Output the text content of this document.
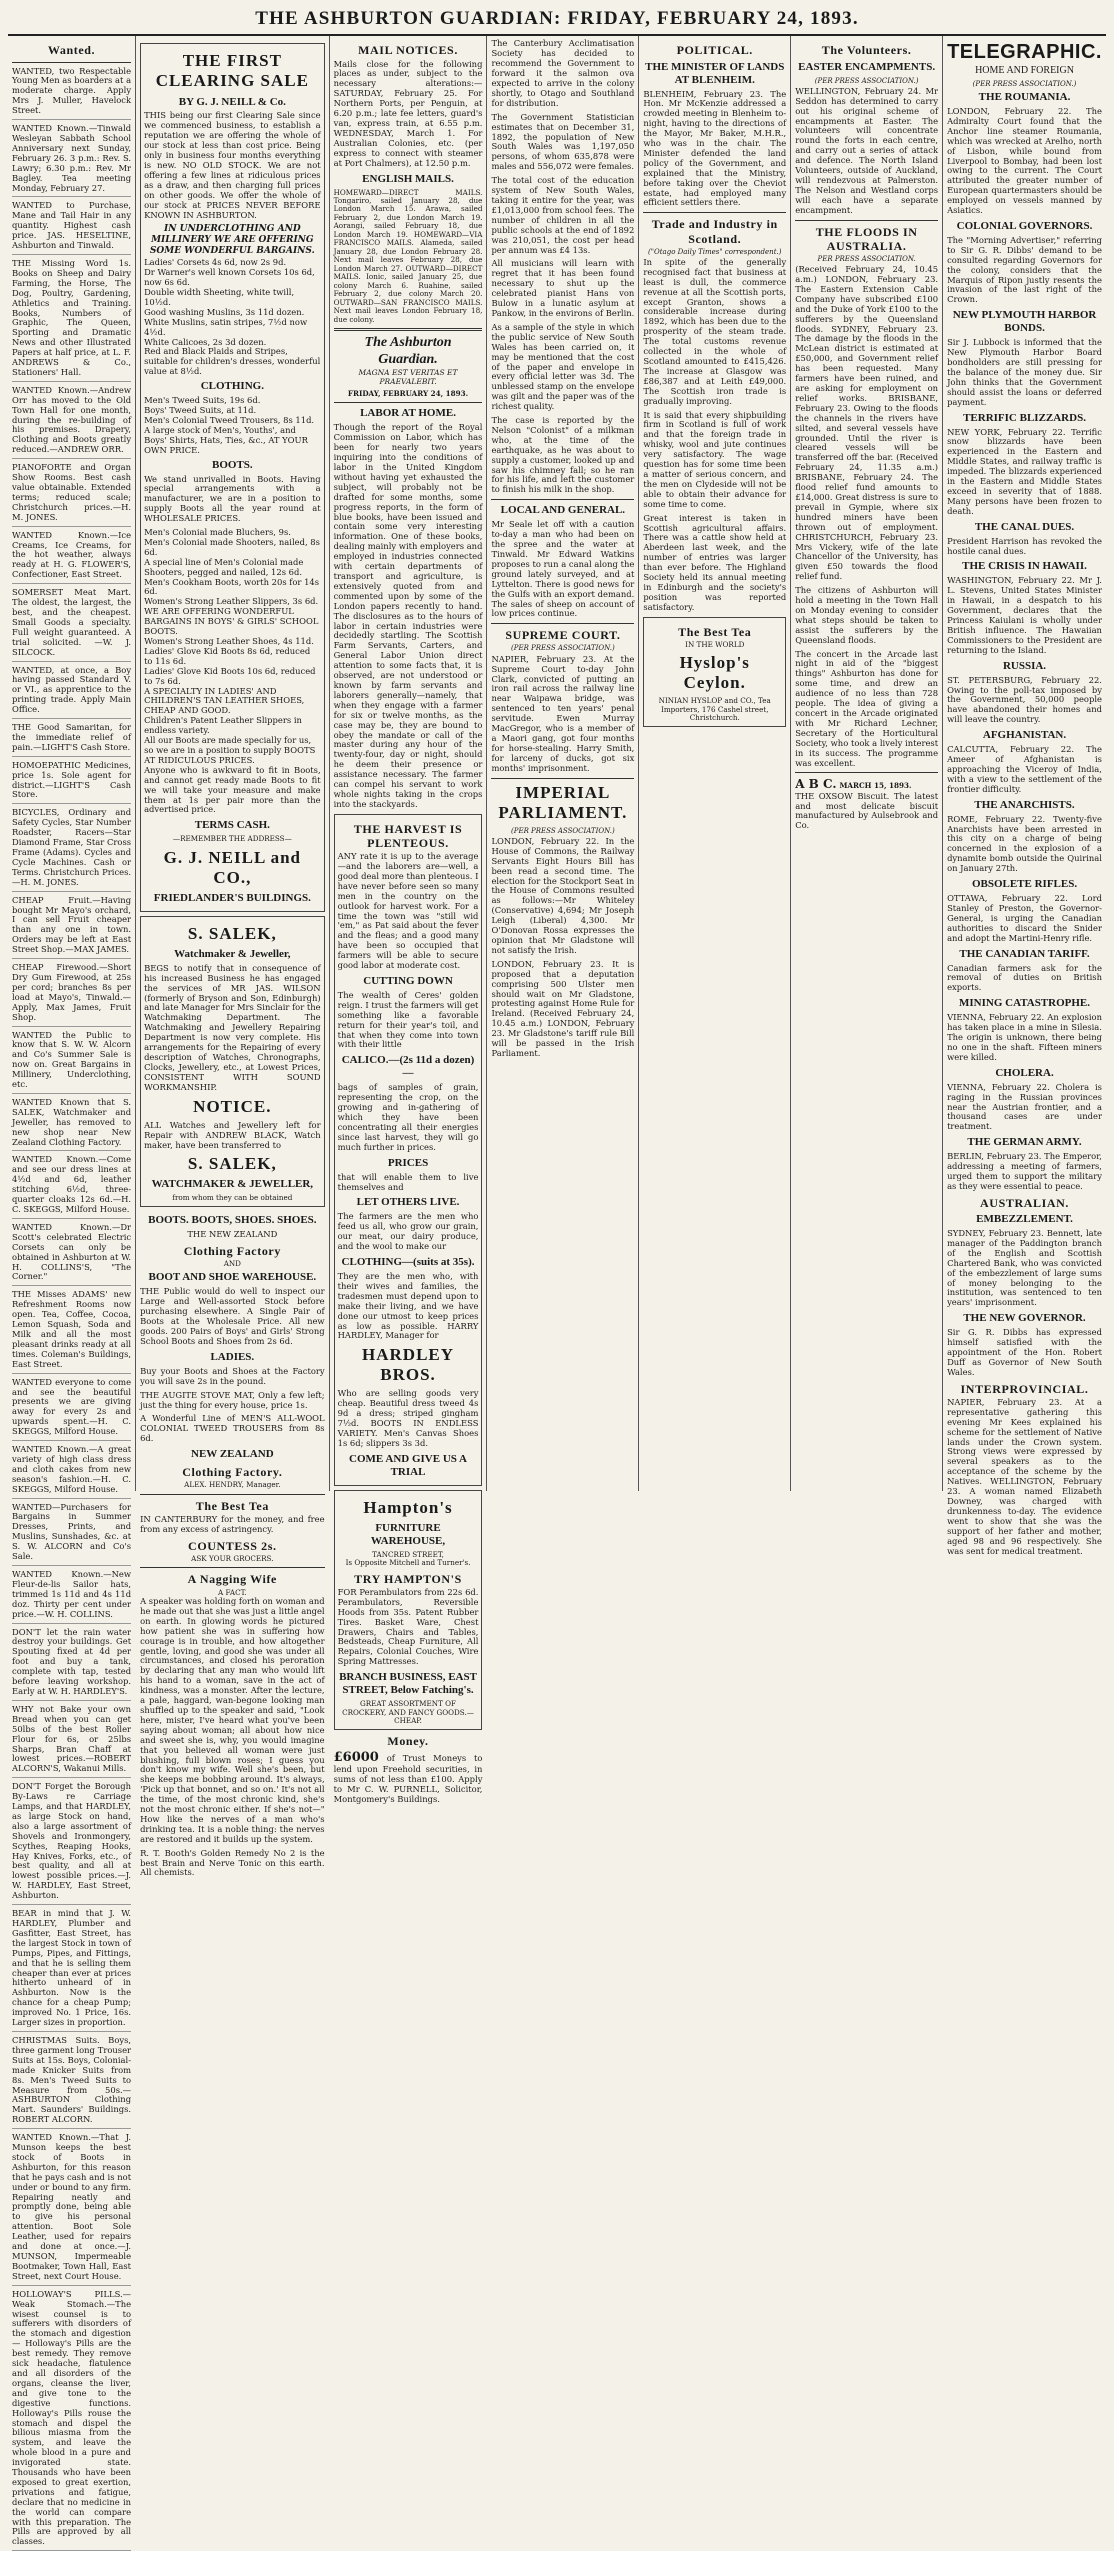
THE ASHBURTON GUARDIAN: FRIDAY, FEBRUARY 24, 1893.
Wanted.

WANTED, two Respectable Young Men as boarders at a moderate charge. Apply Mrs J. Muller, Havelock Street.

WANTED Known.—Tinwald Wesleyan Sabbath School Anniversary next Sunday, February 26. 3 p.m.: Rev. S. Lawry; 6.30 p.m.: Rev. Mr Bagley. Tea meeting Monday, February 27.

WANTED to Purchase, Mane and Tail Hair in any quantity. Highest cash price. JAS. HESELTINE, Ashburton and Tinwald.

THE Missing Word 1s. Books on Sheep and Dairy Farming, the Horse, The Dog, Poultry, Gardening, Athletics and Training. Books, Numbers of Graphic, The Queen, Sporting and Dramatic News and other Illustrated Papers at half price, at L. F. ANDREWS & Co., Stationers' Hall.

WANTED Known.—Andrew Orr has moved to the Old Town Hall for one month, during the re-building of his premises. Drapery, Clothing and Boots greatly reduced.—ANDREW ORR.

PIANOFORTE and Organ Show Rooms. Best cash value obtainable. Extended terms; reduced scale; Christchurch prices.—H. M. JONES.

WANTED Known.—Ice Creams, Ice Creams, for the hot weather, always ready at H. G. FLOWER'S, Confectioner, East Street.

SOMERSET Meat Mart. The oldest, the largest, the best, and the cheapest. Small Goods a specialty. Full weight guaranteed. A trial solicited. —W. J. SILCOCK.

WANTED, at once, a Boy having passed Standard V. or VI., as apprentice to the printing trade. Apply Main Office.

THE Good Samaritan, for the immediate relief of pain.—LIGHT'S Cash Store.

HOMOEPATHIC Medicines, price 1s. Sole agent for district.—LIGHT'S Cash Store.

BICYCLES, Ordinary and Safety Cycles, Star Number Roadster, Racers—Star Diamond Frame, Star Cross Frame (Adams). Cycles and Cycle Machines. Cash or Terms. Christchurch Prices.—H. M. JONES.

CHEAP Fruit.—Having bought Mr Mayo's orchard, I can sell Fruit cheaper than any one in town. Orders may be left at East Street Shop.—MAX JAMES.

CHEAP Firewood.—Short Dry Gum Firewood, at 25s per cord; branches 8s per load at Mayo's, Tinwald.—Apply, Max James, Fruit Shop.

WANTED the Public to know that S. W. W. Alcorn and Co's Summer Sale is now on. Great Bargains in Millinery, Underclothing, etc.

WANTED Known that S. SALEK, Watchmaker and Jeweller, has removed to new shop near New Zealand Clothing Factory.

WANTED Known.—Come and see our dress lines at 4½d and 6d, leather stitching 6½d, three-quarter cloaks 12s 6d.—H. C. SKEGGS, Milford House.

WANTED Known.—Dr Scott's celebrated Electric Corsets can only be obtained in Ashburton at W. H. COLLINS'S, "The Corner."

THE Misses ADAMS' new Refreshment Rooms now open. Tea, Coffee, Cocoa, Lemon Squash, Soda and Milk and all the most pleasant drinks ready at all times. Coleman's Buildings, East Street.

WANTED everyone to come and see the beautiful presents we are giving away for every 2s and upwards spent.—H. C. SKEGGS, Milford House.

WANTED Known.—A great variety of high class dress and cloth cakes from new season's fashion.—H. C. SKEGGS, Milford House.

WANTED—Purchasers for Bargains in Summer Dresses, Prints, and Muslins, Sunshades, &c. at S. W. ALCORN and Co's Sale.

WANTED Known.—New Fleur-de-lis Sailor hats, trimmed 1s 11d and 4s 11d doz. Thirty per cent under price.—W. H. COLLINS.

DON'T let the rain water destroy your buildings. Get Spouting fixed at 4d per foot and buy a tank, complete with tap, tested before leaving workshop. Early at W. H. HARDLEY'S.

WHY not Bake your own Bread when you can get 50lbs of the best Roller Flour for 6s, or 25lbs Sharps, Bran Chaff at lowest prices.—ROBERT ALCORN'S, Wakanui Mills.

DON'T Forget the Borough By-Laws re Carriage Lamps, and that HARDLEY, as large Stock on hand, also a large assortment of Shovels and Ironmongery, Scythes, Reaping Hooks, Hay Knives, Forks, etc., of best quality, and all at lowest possible prices.—J. W. HARDLEY, East Street, Ashburton.

BEAR in mind that J. W. HARDLEY, Plumber and Gasfitter, East Street, has the largest Stock in town of Pumps, Pipes, and Fittings, and that he is selling them cheaper than ever at prices hitherto unheard of in Ashburton. Now is the chance for a cheap Pump; improved No. 1 Price, 16s. Larger sizes in proportion.

CHRISTMAS Suits. Boys, three garment long Trouser Suits at 15s. Boys, Colonial-made Knicker Suits from 8s. Men's Tweed Suits to Measure from 50s.—ASHBURTON Clothing Mart. Saunders' Buildings. ROBERT ALCORN.

WANTED Known.—That J. Munson keeps the best stock of Boots in Ashburton, for this reason that he pays cash and is not under or bound to any firm. Repairing neatly and promptly done, being able to give his personal attention. Boot Sole Leather, used for repairs and done at once.—J. MUNSON, Impermeable Bootmaker, Town Hall, East Street, next Court House.

HOLLOWAY'S PILLS.—Weak Stomach.—The wisest counsel is to sufferers with disorders of the stomach and digestion — Holloway's Pills are the best remedy. They remove sick headache, flatulence and all disorders of the organs, cleanse the liver, and give tone to the digestive functions. Holloway's Pills rouse the stomach and dispel the bilious miasma from the system, and leave the whole blood in a pure and invigorated state. Thousands who have been exposed to great exertion, privations and fatigue, declare that no medicine in the world can compare with this preparation. The Pills are approved by all classes.

THE FIRST CLEARING SALE
BY G. J. NEILL & Co.

THIS being our first Clearing Sale since we commenced business, to establish a reputation we are offering the whole of our stock at less than cost price. Being only in business four months everything is new. NO OLD STOCK. We are not offering a few lines at ridiculous prices as a draw, and then charging full prices on other goods. We offer the whole of our stock at PRICES NEVER BEFORE KNOWN IN ASHBURTON.

IN UNDERCLOTHING AND MILLINERY WE ARE OFFERING SOME WONDERFUL BARGAINS.
Ladies' Corsets 4s 6d, now 2s 9d.
Dr Warner's well known Corsets 10s 6d, now 6s 6d.
Double width Sheeting, white twill, 10½d.
Good washing Muslins, 3s 11d dozen.
White Muslins, satin stripes, 7½d now 4½d.
White Calicoes, 2s 3d dozen.
Red and Black Plaids and Stripes, suitable for children's dresses, wonderful value at 8½d.
CLOTHING.
Men's Tweed Suits, 19s 6d.
Boys' Tweed Suits, at 11d.
Men's Colonial Tweed Trousers, 8s 11d.
A large stock of Men's, Youths', and Boys' Shirts, Hats, Ties, &c., AT YOUR OWN PRICE.
BOOTS.

We stand unrivalled in Boots. Having special arrangements with a manufacturer, we are in a position to supply Boots all the year round at WHOLESALE PRICES.

Men's Colonial made Bluchers, 9s.
Men's Colonial made Shooters, nailed, 8s 6d.
A special line of Men's Colonial made Shooters, pegged and nailed, 12s 6d.
Men's Cookham Boots, worth 20s for 14s 6d.
Women's Strong Leather Slippers, 3s 6d.
WE ARE OFFERING WONDERFUL BARGAINS IN BOYS' & GIRLS' SCHOOL BOOTS.
Women's Strong Leather Shoes, 4s 11d.
Ladies' Glove Kid Boots 8s 6d, reduced to 11s 6d.
Ladies' Glove Kid Boots 10s 6d, reduced to 7s 6d.
A SPECIALTY IN LADIES' AND CHILDREN'S TAN LEATHER SHOES, CHEAP AND GOOD.
Children's Patent Leather Slippers in endless variety.
All our Boots are made specially for us, so we are in a position to supply BOOTS AT RIDICULOUS PRICES.

Anyone who is awkward to fit in Boots, and cannot get ready made Boots to fit we will take your measure and make them at 1s per pair more than the advertised price.

TERMS CASH.
—REMEMBER THE ADDRESS—
G. J. NEILL and CO.,
FRIEDLANDER'S BUILDINGS.
S. SALEK,
Watchmaker & Jeweller,

BEGS to notify that in consequence of his increased Business he has engaged the services of MR JAS. WILSON (formerly of Bryson and Son, Edinburgh) and late Manager for Mrs Sinclair for the Watchmaking Department. The Watchmaking and Jewellery Repairing Department is now very complete. His arrangements for the Repairing of every description of Watches, Chronographs, Clocks, Jewellery, etc., at Lowest Prices, CONSISTENT WITH SOUND WORKMANSHIP.

NOTICE.

ALL Watches and Jewellery left for Repair with ANDREW BLACK, Watch maker, have been transferred to

S. SALEK,
WATCHMAKER & JEWELLER,
from whom they can be obtained
BOOTS. BOOTS, SHOES. SHOES.
THE NEW ZEALAND
Clothing Factory
AND
BOOT AND SHOE WAREHOUSE.

THE Public would do well to inspect our Large and Well-assorted Stock before purchasing elsewhere. A Single Pair of Boots at the Wholesale Price. All new goods. 200 Pairs of Boys' and Girls' Strong School Boots and Shoes from 2s 6d.

LADIES.

Buy your Boots and Shoes at the Factory you will save 2s in the pound.

THE AUGITE STOVE MAT, Only a few left; just the thing for every house, price 1s.

A Wonderful Line of MEN'S ALL-WOOL COLONIAL TWEED TROUSERS from 8s 6d.

NEW ZEALAND
Clothing Factory.
ALEX. HENDRY, Manager.
The Best Tea

IN CANTERBURY for the money, and free from any excess of astringency.

COUNTESS 2s.
ASK YOUR GROCERS.
A Nagging Wife
A FACT.

A speaker was holding forth on woman and he made out that she was just a little angel on earth. In glowing words he pictured how patient she was in suffering how courage is in trouble, and how altogether gentle, loving, and good she was under all circumstances, and closed his peroration by declaring that any man who would lift his hand to a woman, save in the act of kindness, was a monster. After the lecture, a pale, haggard, wan-begone looking man shuffled up to the speaker and said, "Look here, mister, I've heard what you've been saying about woman; all about how nice and sweet she is, why, you would imagine that you believed all woman were just blushing, full blown roses; I guess you don't know my wife. Well she's been, but she keeps me bobbing around. It's always, 'Pick up that bonnet, and so on.' It's not all the time, of the most chronic kind, she's not the most chronic either. If she's not—" How like the nerves of a man who's drinking tea. It is a noble thing: the nerves are restored and it builds up the system.

R. T. Booth's Golden Remedy No 2 is the best Brain and Nerve Tonic on this earth. All chemists.

MAIL NOTICES.

Mails close for the following places as under, subject to the necessary alterations:— SATURDAY, February 25. For Northern Ports, per Penguin, at 6.20 p.m.; late fee letters, guard's van, express train, at 6.55 p.m. WEDNESDAY, March 1. For Australian Colonies, etc. (per express to connect with steamer at Port Chalmers), at 12.50 p.m.

ENGLISH MAILS.

HOMEWARD—DIRECT MAILS. Tongariro, sailed January 28, due London March 15. Arawa, sailed February 2, due London March 19. Aorangi, sailed February 18, due London March 19. HOMEWARD—VIA FRANCISCO MAILS. Alameda, sailed January 28, due London February 28. Next mail leaves February 28, due London March 27. OUTWARD—DIRECT MAILS. Ionic, sailed January 25, due colony March 6. Ruahine, sailed February 2, due colony March 20. OUTWARD—SAN FRANCISCO MAILS. Next mail leaves London February 18, due colony.

The Ashburton Guardian.
MAGNA EST VERITAS ET PRAEVALEBIT.
FRIDAY, FEBRUARY 24, 1893.
LABOR AT HOME.

Though the report of the Royal Commission on Labor, which has been for nearly two years inquiring into the conditions of labor in the United Kingdom without having yet exhausted the subject, will probably not be drafted for some months, some progress reports, in the form of blue books, have been issued and contain some very interesting information. One of these books, dealing mainly with employers and employed in industries connected with certain departments of transport and agriculture, is extensively quoted from and commented upon by some of the London papers recently to hand. The disclosures as to the hours of labor in certain industries were decidedly startling. The Scottish Farm Servants, Carters, and General Labor Union direct attention to some facts that, it is observed, are not understood or known by farm servants and laborers generally—namely, that when they engage with a farmer for six or twelve months, as the case may be, they are bound to obey the mandate or call of the master during any hour of the twenty-four, day or night, should he deem their presence or assistance necessary. The farmer can compel his servant to work whole nights taking in the crops into the stackyards.

THE HARVEST IS PLENTEOUS.

ANY rate it is up to the average—and the laborers are—well, a good deal more than plenteous. I have never before seen so many men in the country on the outlook for harvest work. For a time the town was "still wid 'em," as Pat said about the fever and the fleas; and a good many have been so occupied that farmers will be able to secure good labor at moderate cost.

CUTTING DOWN

The wealth of Ceres' golden reign. I trust the farmers will get something like a favorable return for their year's toil, and that when they come into town with their little

CALICO.—(2s 11d a dozen)—

bags of samples of grain, representing the crop, on the growing and in-gathering of which they have been concentrating all their energies since last harvest, they will go much further in prices.

PRICES

that will enable them to live themselves and

LET OTHERS LIVE.

The farmers are the men who feed us all, who grow our grain, our meat, our dairy produce, and the wool to make our

CLOTHING—(suits at 35s).

They are the men who, with their wives and families, the tradesmen must depend upon to make their living, and we have done our utmost to keep prices as low as possible. HARRY HARDLEY, Manager for

HARDLEY BROS.

Who are selling goods very cheap. Beautiful dress tweed 4s 9d a dress; striped gingham 7½d. BOOTS IN ENDLESS VARIETY. Men's Canvas Shoes 1s 6d; slippers 3s 3d.

COME AND GIVE US A TRIAL
Hampton's
FURNITURE WAREHOUSE,
TANCRED STREET,
Is Opposite Mitchell and Turner's.
TRY HAMPTON'S

FOR Perambulators from 22s 6d. Perambulators, Reversible Hoods from 35s. Patent Rubber Tires. Basket Ware, Chest Drawers, Chairs and Tables, Bedsteads, Cheap Furniture, All Repairs, Colonial Couches, Wire Spring Mattresses.

BRANCH BUSINESS, EAST STREET, Below Fatching's.
GREAT ASSORTMENT OF CROCKERY, AND FANCY GOODS.— CHEAP.
Money.

£6000 of Trust Moneys to lend upon Freehold securities, in sums of not less than £100. Apply to Mr C. W. PURNELL, Solicitor, Montgomery's Buildings.

The Canterbury Acclimatisation Society has decided to recommend the Government to forward it the salmon ova expected to arrive in the colony shortly, to Otago and Southland for distribution.

The Government Statistician estimates that on December 31, 1892, the population of New South Wales was 1,197,050 persons, of whom 635,878 were males and 556,072 were females.

The total cost of the education system of New South Wales, taking it entire for the year, was £1,013,000 from school fees. The number of children in all the public schools at the end of 1892 was 210,051, the cost per head per annum was £4 13s.

All musicians will learn with regret that it has been found necessary to shut up the celebrated pianist Hans von Bulow in a lunatic asylum at Pankow, in the environs of Berlin.

As a sample of the style in which the public service of New South Wales has been carried on, it may be mentioned that the cost of the paper and envelope in every official letter was 3d. The unblessed stamp on the envelope was gilt and the paper was of the richest quality.

The case is reported by the Nelson "Colonist" of a milkman who, at the time of the earthquake, as he was about to supply a customer, looked up and saw his chimney fall; so he ran for his life, and left the customer to finish his milk in the shop.

LOCAL AND GENERAL.

Mr Seale let off with a caution to-day a man who had been on the spree and the water at Tinwald. Mr Edward Watkins proposes to run a canal along the ground lately surveyed, and at Lyttelton. There is good news for the Gulfs with an export demand. The sales of sheep on account of low prices continue.

SUPREME COURT.
(PER PRESS ASSOCIATION.)

NAPIER, February 23. At the Supreme Court to-day John Clark, convicted of putting an iron rail across the railway line near Waipawa bridge, was sentenced to ten years' penal servitude. Ewen Murray MacGregor, who is a member of a Maori gang, got four months for horse-stealing. Harry Smith, for larceny of ducks, got six months' imprisonment.

IMPERIAL PARLIAMENT.
(PER PRESS ASSOCIATION.)

LONDON, February 22. In the House of Commons, the Railway Servants Eight Hours Bill has been read a second time. The election for the Stockport Seat in the House of Commons resulted as follows:—Mr Whiteley (Conservative) 4,694; Mr Joseph Leigh (Liberal) 4,300. Mr O'Donovan Rossa expresses the opinion that Mr Gladstone will not satisfy the Irish.

LONDON, February 23. It is proposed that a deputation comprising 500 Ulster men should wait on Mr Gladstone, protesting against Home Rule for Ireland. (Received February 24, 10.45 a.m.) LONDON, February 23. Mr Gladstone's tariff rule Bill will be passed in the Irish Parliament.

POLITICAL.
THE MINISTER OF LANDS AT BLENHEIM.

BLENHEIM, February 23. The Hon. Mr McKenzie addressed a crowded meeting in Blenheim to-night, having to the directions of the Mayor, Mr Baker, M.H.R., who was in the chair. The Minister defended the land policy of the Government, and explained that the Ministry, before taking over the Cheviot estate, had employed many efficient settlers there.

Trade and Industry in Scotland.
("Otago Daily Times" correspondent.)

In spite of the generally recognised fact that business at least is dull, the commerce revenue at all the Scottish ports, except Granton, shows a considerable increase during 1892, which has been due to the prosperity of the steam trade. The total customs revenue collected in the whole of Scotland amounted to £415,426. The increase at Glasgow was £86,387 and at Leith £49,000. The Scottish iron trade is gradually improving.

It is said that every shipbuilding firm in Scotland is full of work and that the foreign trade in whisky, wool and jute continues very satisfactory. The wage question has for some time been a matter of serious concern, and the men on Clydeside will not be able to obtain their advance for some time to come.

Great interest is taken in Scottish agricultural affairs. There was a cattle show held at Aberdeen last week, and the number of entries was larger than ever before. The Highland Society held its annual meeting in Edinburgh and the society's position was reported satisfactory.

The Best Tea
IN THE WORLD
Hyslop's Ceylon.
NINIAN HYSLOP and CO., Tea Importers, 176 Cashel street, Christchurch.
The Volunteers.
EASTER ENCAMPMENTS.
(PER PRESS ASSOCIATION.)

WELLINGTON, February 24. Mr Seddon has determined to carry out his original scheme of encampments at Easter. The volunteers will concentrate round the forts in each centre, and carry out a series of attack and defence. The North Island Volunteers, outside of Auckland, will rendezvous at Palmerston. The Nelson and Westland corps will each have a separate encampment.

THE FLOODS IN AUSTRALIA.
PER PRESS ASSOCIATION.

(Received February 24, 10.45 a.m.) LONDON, February 23. The Eastern Extension Cable Company have subscribed £100 and the Duke of York £100 to the sufferers by the Queensland floods. SYDNEY, February 23. The damage by the floods in the McLean district is estimated at £50,000, and Government relief has been requested. Many farmers have been ruined, and are asking for employment on relief works. BRISBANE, February 23. Owing to the floods the channels in the rivers have silted, and several vessels have grounded. Until the river is cleared vessels will be transferred off the bar. (Received February 24, 11.35 a.m.) BRISBANE, February 24. The flood relief fund amounts to £14,000. Great distress is sure to prevail in Gympie, where six hundred miners have been thrown out of employment. CHRISTCHURCH, February 23. Mrs Vickery, wife of the late Chancellor of the University, has given £50 towards the flood relief fund.

The citizens of Ashburton will hold a meeting in the Town Hall on Monday evening to consider what steps should be taken to assist the sufferers by the Queensland floods.

The concert in the Arcade last night in aid of the "biggest things" Ashburton has done for some time, and drew an audience of no less than 728 people. The idea of giving a concert in the Arcade originated with Mr Richard Lechner, Secretary of the Horticultural Society, who took a lively interest in its success. The programme was excellent.

A B C. MARCH 15, 1893.

THE OXSOW Biscuit. The latest and most delicate biscuit manufactured by Aulsebrook and Co.

TELEGRAPHIC.
HOME AND FOREIGN
(PER PRESS ASSOCIATION.)
THE ROUMANIA.

LONDON, February 22. The Admiralty Court found that the Anchor line steamer Roumania, which was wrecked at Arelho, north of Lisbon, while bound from Liverpool to Bombay, had been lost owing to the current. The Court attributed the greater number of European quartermasters should be employed on vessels manned by Asiatics.

COLONIAL GOVERNORS.

The "Morning Advertiser," referring to Sir G. R. Dibbs' demand to be consulted regarding Governors for the colony, considers that the Marquis of Ripon justly resents the invasion of the last right of the Crown.

NEW PLYMOUTH HARBOR BONDS.

Sir J. Lubbock is informed that the New Plymouth Harbor Board bondholders are still pressing for the balance of the money due. Sir John thinks that the Government should assist the loans or deferred payment.

TERRIFIC BLIZZARDS.

NEW YORK, February 22. Terrific snow blizzards have been experienced in the Eastern and Middle States, and railway traffic is impeded. The blizzards experienced in the Eastern and Middle States exceed in severity that of 1888. Many persons have been frozen to death.

THE CANAL DUES.

President Harrison has revoked the hostile canal dues.

THE CRISIS IN HAWAII.

WASHINGTON, February 22. Mr J. L. Stevens, United States Minister in Hawaii, in a despatch to his Government, declares that the Princess Kaiulani is wholly under British influence. The Hawaiian Commissioners to the President are returning to the Island.

RUSSIA.

ST. PETERSBURG, February 22. Owing to the poll-tax imposed by the Government, 50,000 people have abandoned their homes and will leave the country.

AFGHANISTAN.

CALCUTTA, February 22. The Ameer of Afghanistan is approaching the Viceroy of India, with a view to the settlement of the frontier difficulty.

THE ANARCHISTS.

ROME, February 22. Twenty-five Anarchists have been arrested in this city on a charge of being concerned in the explosion of a dynamite bomb outside the Quirinal on January 27th.

OBSOLETE RIFLES.

OTTAWA, February 22. Lord Stanley of Preston, the Governor-General, is urging the Canadian authorities to discard the Snider and adopt the Martini-Henry rifle.

THE CANADIAN TARIFF.

Canadian farmers ask for the removal of duties on British exports.

MINING CATASTROPHE.

VIENNA, February 22. An explosion has taken place in a mine in Silesia. The origin is unknown, there being no one in the shaft. Fifteen miners were killed.

CHOLERA.

VIENNA, February 22. Cholera is raging in the Russian provinces near the Austrian frontier, and a thousand cases are under treatment.

THE GERMAN ARMY.

BERLIN, February 23. The Emperor, addressing a meeting of farmers, urged them to support the military as they were essential to peace.

AUSTRALIAN.
EMBEZZLEMENT.

SYDNEY, February 23. Bennett, late manager of the Paddington branch of the English and Scottish Chartered Bank, who was convicted of the embezzlement of large sums of money belonging to the institution, was sentenced to ten years' imprisonment.

THE NEW GOVERNOR.

Sir G. R. Dibbs has expressed himself satisfied with the appointment of the Hon. Robert Duff as Governor of New South Wales.

INTERPROVINCIAL.

NAPIER, February 23. At a representative gathering this evening Mr Kees explained his scheme for the settlement of Native lands under the Crown system. Strong views were expressed by several speakers as to the acceptance of the scheme by the Natives. WELLINGTON, February 23. A woman named Elizabeth Downey, was charged with drunkenness to-day. The evidence went to show that she was the support of her father and mother, aged 98 and 96 respectively. She was sent for medical treatment.
